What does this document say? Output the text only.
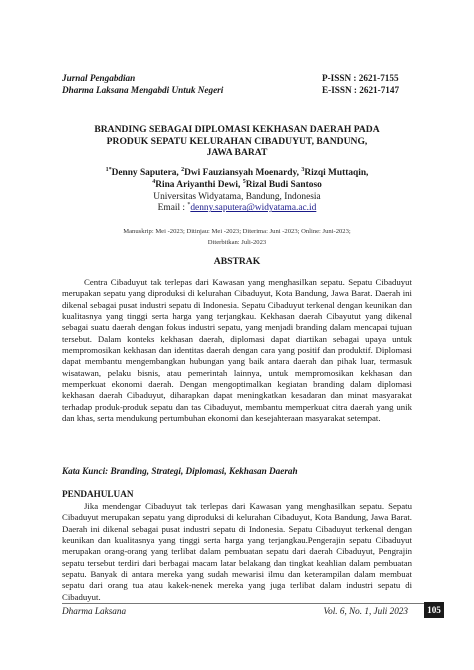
Jurnal Pengabdian	P-ISSN : 2621-7155
Dharma Laksana Mengabdi Untuk Negeri	E-ISSN : 2621-7147
BRANDING SEBAGAI DIPLOMASI KEKHASAN DAERAH PADA
PRODUK SEPATU KELURAHAN CIBADUYUT, BANDUNG,
JAWA BARAT
$^{1*}$Denny Saputera, $^2$Dwi Fauziansyah Moenardy, $^3$Rizqi Muttaqin,
$^4$Rina Ariyanthi Dewi, $^5$Rizal Budi Santoso
Universitas Widyatama, Bandung, Indonesia
Email : *denny.saputera@widyatama.ac.id
Manuskrip: Mei -2023; Ditinjau: Mei -2023; Diterima: Juni -2023; Online: Juni-2023;
Diterbitkan: Juli-2023
ABSTRAK

Centra Cibaduyut tak terlepas dari Kawasan yang menghasilkan sepatu. Sepatu Cibaduyut merupakan sepatu yang diproduksi di kelurahan Cibaduyut, Kota Bandung, Jawa Barat. Daerah ini dikenal sebagai pusat industri sepatu di Indonesia. Sepatu Cibaduyut terkenal dengan keunikan dan kualitasnya yang tinggi serta harga yang terjangkau. Kekhasan daerah Cibayutut yang dikenal sebagai suatu daerah dengan fokus industri sepatu, yang menjadi branding dalam mencapai tujuan tersebut. Dalam konteks kekhasan daerah, diplomasi dapat diartikan sebagai upaya untuk mempromosikan kekhasan dan identitas daerah dengan cara yang positif dan produktif. Diplomasi dapat membantu mengembangkan hubungan yang baik antara daerah dan pihak luar, termasuk wisatawan, pelaku bisnis, atau pemerintah lainnya, untuk mempromosikan kekhasan dan memperkuat ekonomi daerah. Dengan mengoptimalkan kegiatan branding dalam diplomasi kekhasan daerah Cibaduyut, diharapkan dapat meningkatkan kesadaran dan minat masyarakat terhadap produk-produk sepatu dan tas Cibaduyut, membantu memperkuat citra daerah yang unik dan khas, serta mendukung pertumbuhan ekonomi dan kesejahteraan masyarakat setempat.

Kata Kunci: Branding, Strategi, Diplomasi, Kekhasan Daerah
PENDAHULUAN

Jika mendengar Cibaduyut tak terlepas dari Kawasan yang menghasilkan sepatu. Sepatu Cibaduyut merupakan sepatu yang diproduksi di kelurahan Cibaduyut, Kota Bandung, Jawa Barat. Daerah ini dikenal sebagai pusat industri sepatu di Indonesia. Sepatu Cibaduyut terkenal dengan keunikan dan kualitasnya yang tinggi serta harga yang terjangkau.Pengerajin sepatu Cibaduyut merupakan orang-orang yang terlibat dalam pembuatan sepatu dari daerah Cibaduyut, Pengrajin sepatu tersebut terdiri dari berbagai macam latar belakang dan tingkat keahlian dalam pembuatan sepatu. Banyak di antara mereka yang sudah mewarisi ilmu dan keterampilan dalam membuat sepatu dari orang tua atau kakek-nenek mereka yang juga terlibat dalam industri sepatu di Cibaduyut.

Dharma Laksana	Vol. 6, No. 1, Juli 2023	105
